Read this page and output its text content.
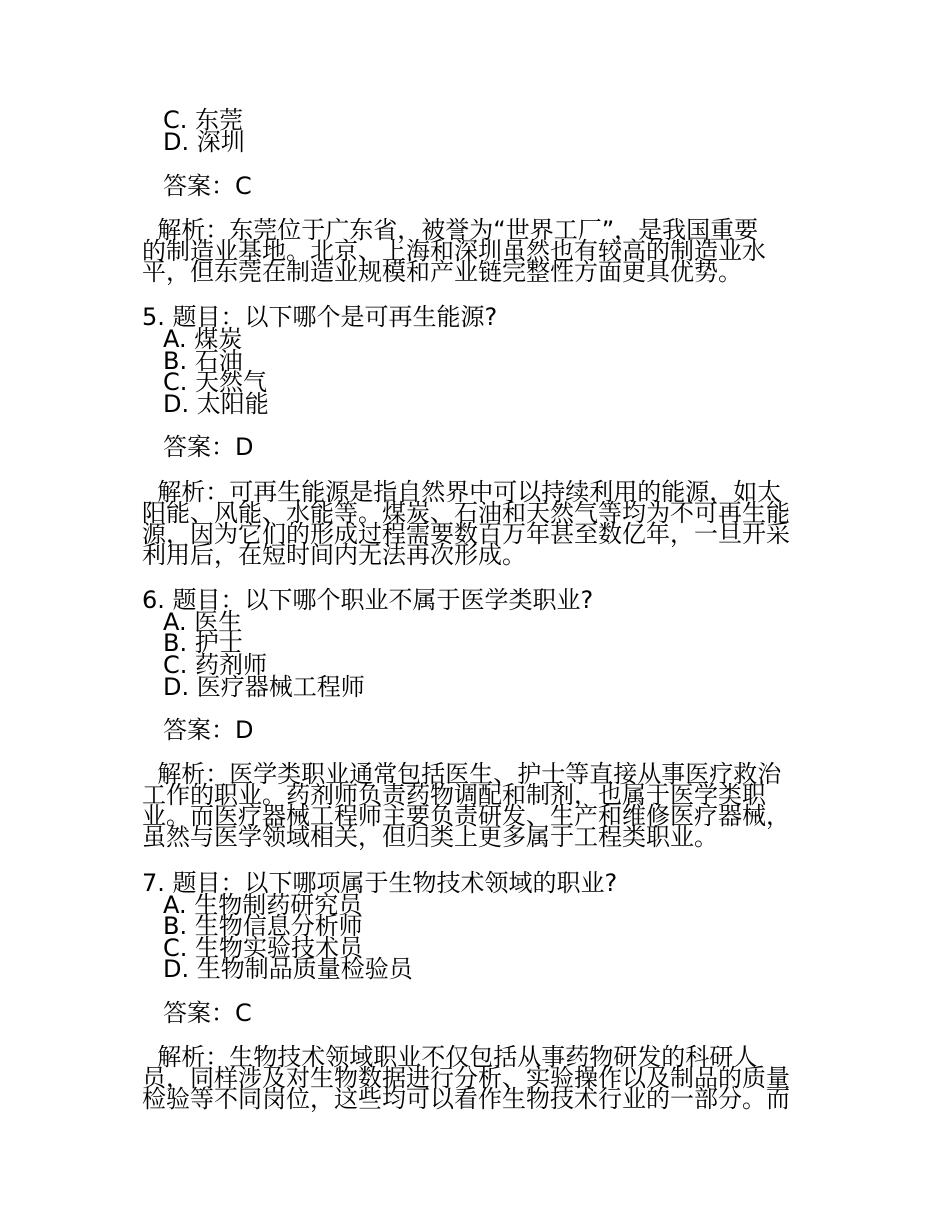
C. 东莞
D. 深圳
答案：C
解析：东莞位于广东省，被誉为“世界工厂”，是我国重要
的制造业基地。北京、上海和深圳虽然也有较高的制造业水
平，但东莞在制造业规模和产业链完整性方面更具优势。
5. 题目：以下哪个是可再生能源?
A. 煤炭
B. 石油
C. 天然气
D. 太阳能
答案：D
解析：可再生能源是指自然界中可以持续利用的能源，如太
阳能、风能、水能等。煤炭、石油和天然气等均为不可再生能
源，因为它们的形成过程需要数百万年甚至数亿年，一旦开采
利用后，在短时间内无法再次形成。
6. 题目：以下哪个职业不属于医学类职业?
A. 医生
B. 护士
C. 药剂师
D. 医疗器械工程师
答案：D
解析：医学类职业通常包括医生、护士等直接从事医疗救治
工作的职业。药剂师负责药物调配和制剂，也属于医学类职
业。而医疗器械工程师主要负责研发、生产和维修医疗器械，
虽然与医学领域相关，但归类上更多属于工程类职业。
7. 题目：以下哪项属于生物技术领域的职业?
A. 生物制药研究员
B. 生物信息分析师
C. 生物实验技术员
D. 生物制品质量检验员
答案：C
解析：生物技术领域职业不仅包括从事药物研发的科研人
员，同样涉及对生物数据进行分析、实验操作以及制品的质量
检验等不同岗位，这些均可以看作生物技术行业的一部分。而
